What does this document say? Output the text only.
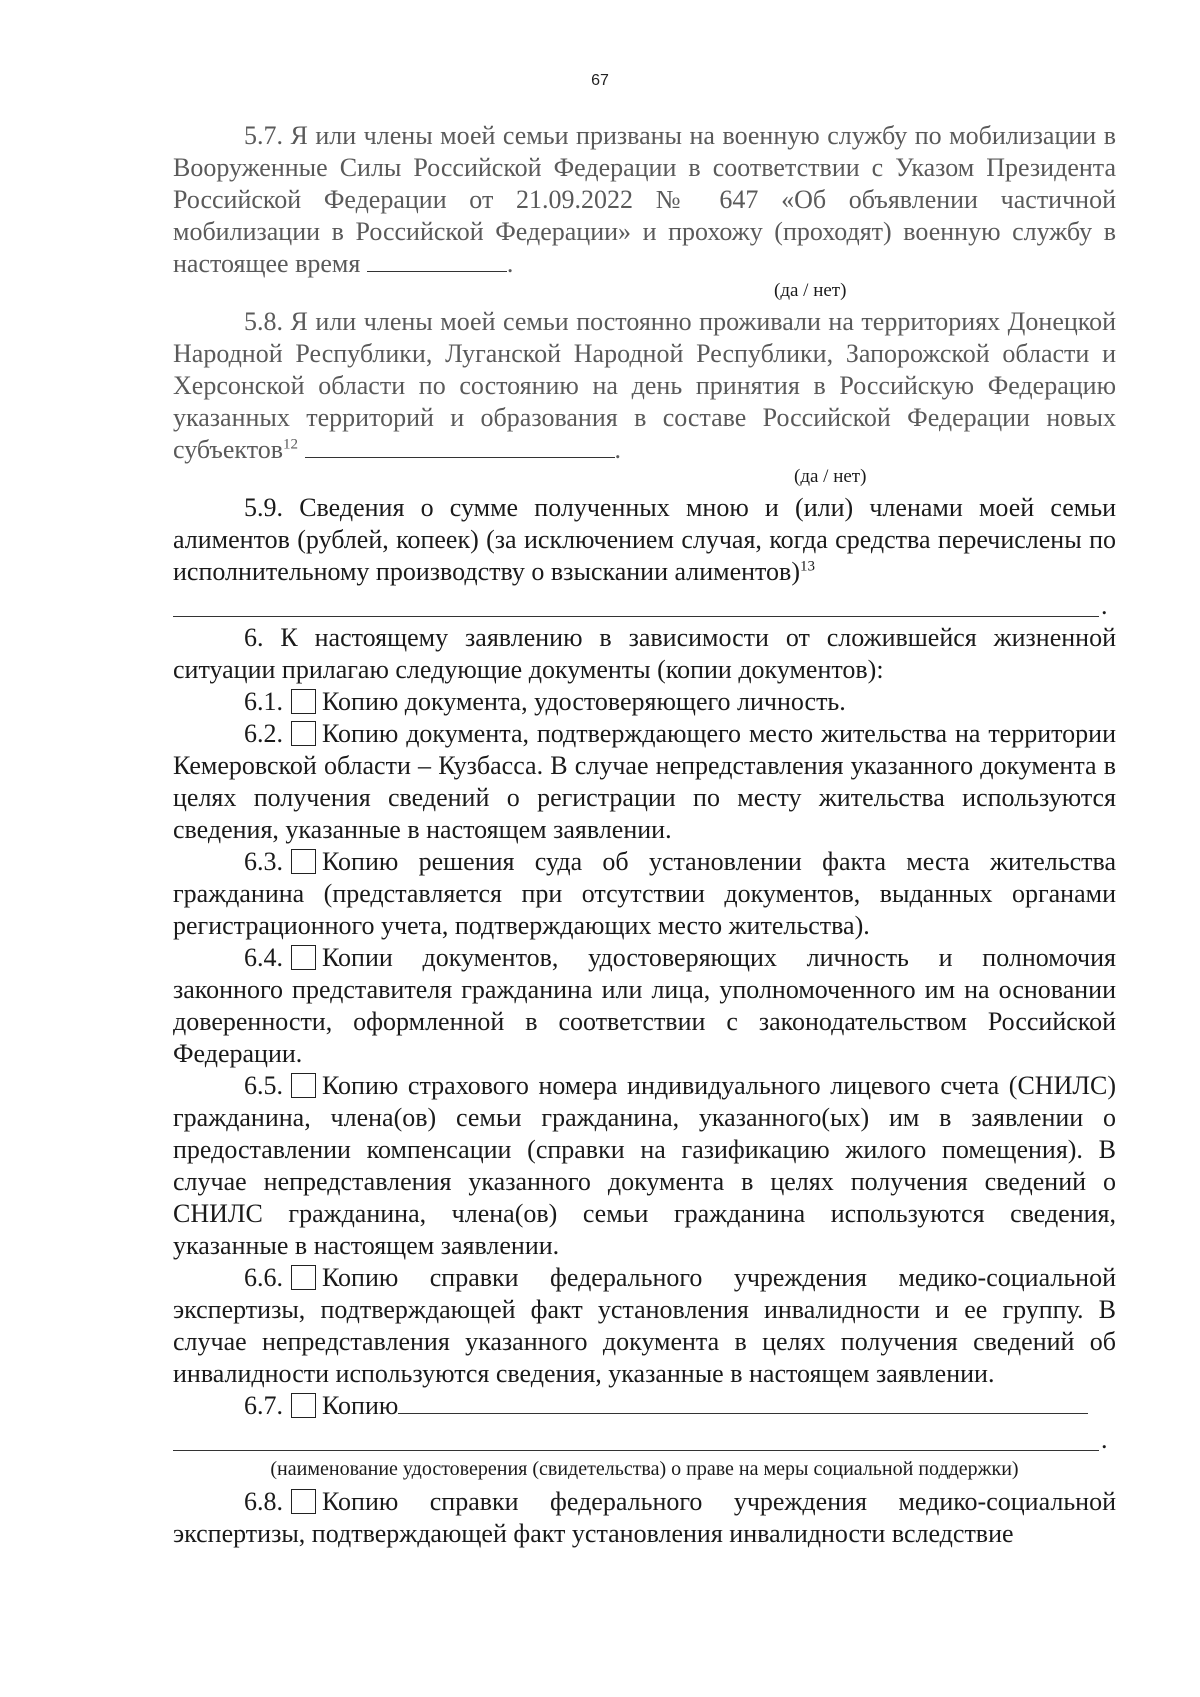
67

5.7. Я или члены моей семьи призваны на военную службу по мобилизации в Вооруженные Силы Российской Федерации в соответствии с Указом Президента Российской Федерации от 21.09.2022 № 647 «Об объявлении частичной мобилизации в Российской Федерации» и прохожу (проходят) военную службу в настоящее время	.

(да / нет)

5.8. Я или члены моей семьи постоянно проживали на территориях Донецкой Народной Республики, Луганской Народной Республики, Запорожской области и Херсонской области по состоянию на день принятия в Российскую Федерацию указанных территорий и образования в составе Российской Федерации новых субъектов$^{12}$	.

(да / нет)

5.9. Сведения о сумме полученных мною и (или) членами моей семьи алиментов (рублей, копеек) (за исключением случая, когда средства перечислены по исполнительному производству о взыскании алиментов)$^{13}$

.

6. К настоящему заявлению в зависимости от сложившейся жизненной ситуации прилагаю следующие документы (копии документов):

6.1. Копию документа, удостоверяющего личность.

6.2. Копию документа, подтверждающего место жительства на территории Кемеровской области – Кузбасса. В случае непредставления указанного документа в целях получения сведений о регистрации по месту жительства используются сведения, указанные в настоящем заявлении.

6.3. Копию решения суда об установлении факта места жительства гражданина (представляется при отсутствии документов, выданных органами регистрационного учета, подтверждающих место жительства).

6.4. Копии документов, удостоверяющих личность и полномочия законного представителя гражданина или лица, уполномоченного им на основании доверенности, оформленной в соответствии с законодательством Российской Федерации.

6.5. Копию страхового номера индивидуального лицевого счета (СНИЛС) гражданина, члена(ов) семьи гражданина, указанного(ых) им в заявлении о предоставлении компенсации (справки на газификацию жилого помещения). В случае непредставления указанного документа в целях получения сведений о СНИЛС гражданина, члена(ов) семьи гражданина используются сведения, указанные в настоящем заявлении.

6.6. Копию справки федерального учреждения медико-социальной экспертизы, подтверждающей факт установления инвалидности и ее группу. В случае непредставления указанного документа в целях получения сведений об инвалидности используются сведения, указанные в настоящем заявлении.

6.7. Копию

.

(наименование удостоверения (свидетельства) о праве на меры социальной поддержки)

6.8. Копию справки федерального учреждения медико-социальной экспертизы, подтверждающей факт установления инвалидности вследствие
